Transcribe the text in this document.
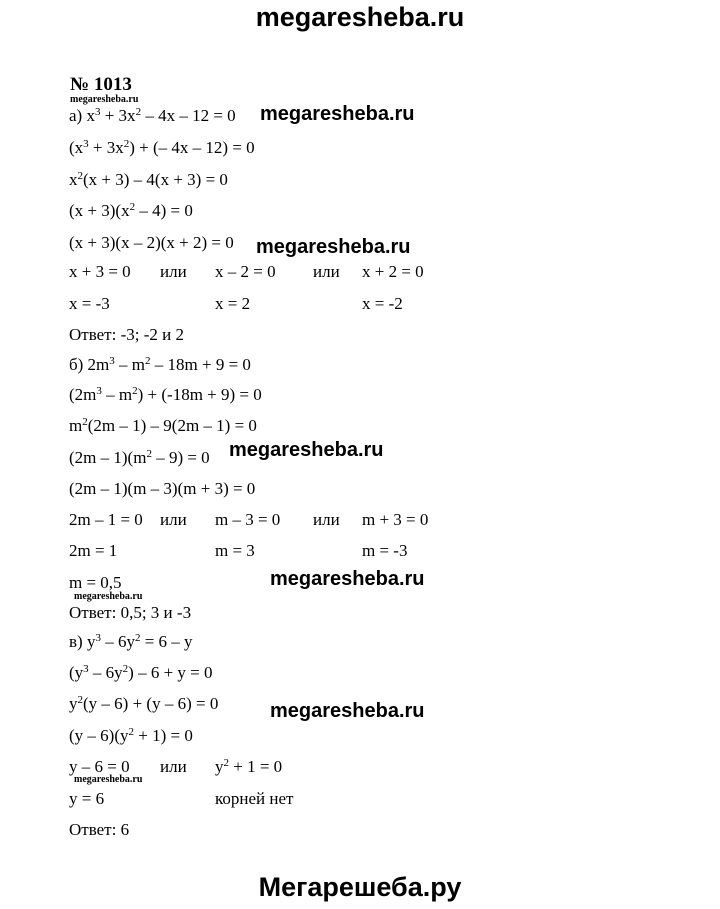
megaresheba.ru
Мегарешеба.ру
№ 1013
megaresheba.ru
а) $x^3 + 3x^2 - 4x - 12 = 0$ megaresheba.ru
$(x^3 + 3x^2)$ + (– 4x – 12) = 0
$x^2(x + 3) - 4(x + 3) = 0$
$(x + 3)(x^2 - 4) = 0$
(x + 3)(x – 2)(x + 2) = 0 megaresheba.ru
x + 3 = 0 или x – 2 = 0 или x + 2 = 0
x = -3	x = 2	x = -2
Ответ: -3; -2 и 2
б) $2m^3 - m^2 - 18m + 9 = 0$
$(2m^3 - m^2) + (-18m + 9) = 0$
$m^2(2m - 1) - 9(2m - 1) = 0$
$(2m - 1)(m^2 - 9) = 0$ megaresheba.ru
(2m – 1)(m – 3)(m + 3) = 0
2m – 1 = 0 или m – 3 = 0 или m + 3 = 0
2m = 1	m = 3	m = -3
m = 0,5	megaresheba.ru
megaresheba.ru
Ответ: 0,5; 3 и -3
в) $y^3 - 6y^2 = 6 - y$
$(y^3 - 6y^2) - 6 + y = 0$
$y^2(y - 6) + (y - 6) = 0$	megaresheba.ru
$(y - 6)(y^2 + 1) = 0$
y – 6 = 0 или $y^2 + 1 = 0$
megaresheba.ru
y = 6	корней нет
Ответ: 6
